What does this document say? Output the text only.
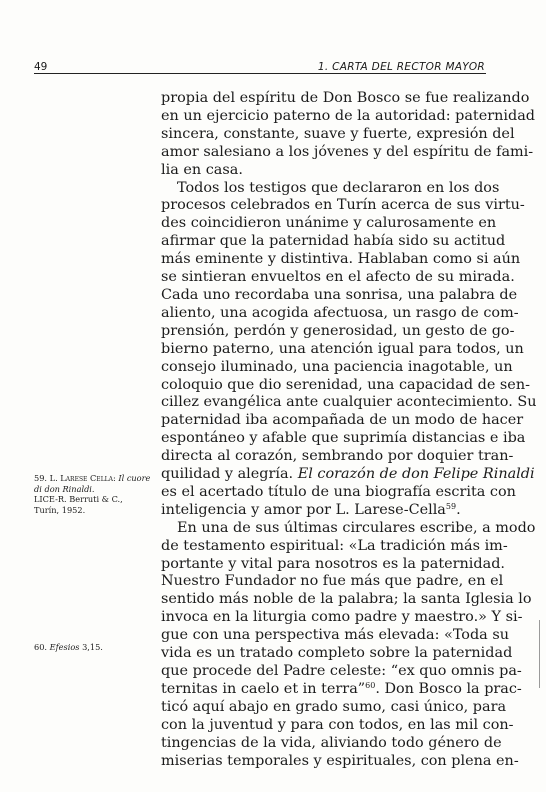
49	1. CARTA DEL RECTOR MAYOR
propia del espíritu de Don Bosco se fue realizando
en un ejercicio paterno de la autoridad: paternidad
sincera, constante, suave y fuerte, expresión del
amor salesiano a los jóvenes y del espíritu de fami-
lia en casa.
Todos los testigos que declararon en los dos
procesos celebrados en Turín acerca de sus virtu-
des coincidieron unánime y calurosamente en
afirmar que la paternidad había sido su actitud
más eminente y distintiva. Hablaban como si aún
se sintieran envueltos en el afecto de su mirada.
Cada uno recordaba una sonrisa, una palabra de
aliento, una acogida afectuosa, un rasgo de com-
prensión, perdón y generosidad, un gesto de go-
bierno paterno, una atención igual para todos, un
consejo iluminado, una paciencia inagotable, un
coloquio que dio serenidad, una capacidad de sen-
cillez evangélica ante cualquier acontecimiento. Su
paternidad iba acompañada de un modo de hacer
espontáneo y afable que suprimía distancias e iba
directa al corazón, sembrando por doquier tran-
quilidad y alegría. El corazón de don Felipe Rinaldi
es el acertado título de una biografía escrita con
inteligencia y amor por L. Larese-Cella$^{59}$.
En una de sus últimas circulares escribe, a modo
de testamento espiritual: «La tradición más im-
portante y vital para nosotros es la paternidad.
Nuestro Fundador no fue más que padre, en el
sentido más noble de la palabra; la santa Iglesia lo
invoca en la liturgia como padre y maestro.» Y si-
gue con una perspectiva más elevada: «Toda su
vida es un tratado completo sobre la paternidad
que procede del Padre celeste: “ex quo omnis pa-
ternitas in caelo et in terra”$^{60}$. Don Bosco la prac-
ticó aquí abajo en grado sumo, casi único, para
con la juventud y para con todos, en las mil con-
tingencias de la vida, aliviando todo género de
miserias temporales y espirituales, con plena en-
59. L. Larese Cella: Il cuore di don Rinaldi.
LICE-R. Berruti & C.,
Turín, 1952.
60. Efesios 3,15.
